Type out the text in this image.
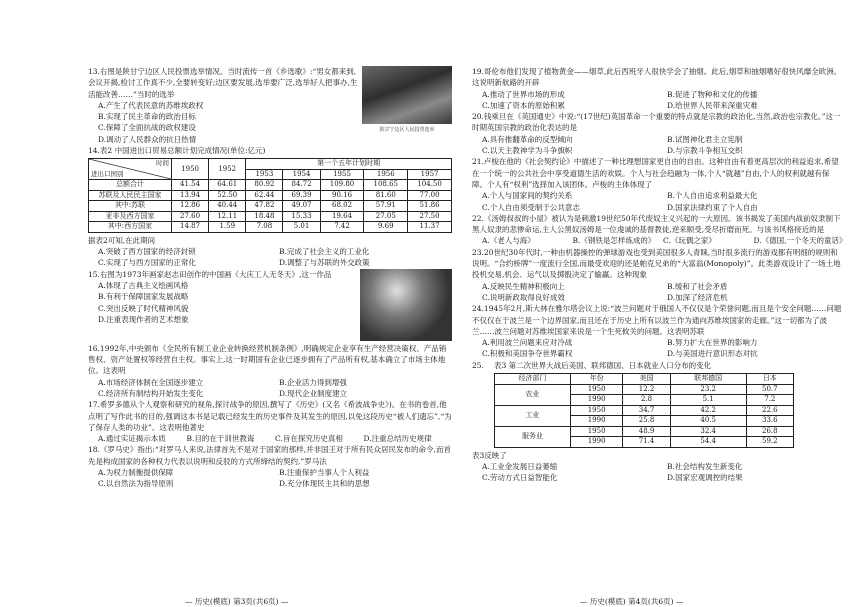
陕甘宁边区人民投票选举

13.右图是陕甘宁边区人民投票选举情况。当时流传一首《乡选歌》:“男女都来到,会议开揭,检讨工作真不少,全要转变好;边区要发展,选举要广泛,选举好人把事办,生活能改善……”当时的选举

A.产生了代表民意的苏维埃政权
B.实现了民主革命的政治目标
C.保障了全面抗战的政权建设
D.调动了人民群众的抗日热情

14.表2 中国进出口贸易总额计划完成情况(单位:亿元)

时间
进出口国别	1950	1952	第一个五年计划时期				
			1953	1954	1955	1956	1957
总额合计	41.54	64.61	80.92	84.72	109.80	108.65	104.50
苏联及人民民主国家	13.94	52.50	62.44	69.39	90.16	81.60	77.00
其中:苏联	12.86	40.44	47.82	49.07	68.02	57.91	51.86
亚非及西方国家	27.60	12.11	18.48	15.33	19.64	27.05	27.50
其中:西方国家	14.87	1.59	7.08	5.01	7.42	9.69	11.37

据表2可知,在此期间

A.突破了西方国家的经济封锁	B.完成了社会主义的工业化
C.实现了与西方国家的正常化	D.调整了与苏联的外交政策

15.右图为1973年画家赵志田创作的中国画《大庆工人无冬天》,这一作品

A.体现了古典主义绘画风格
B.有利于保障国家发展战略
C.突出反映了时代精神风貌
D.注重表现作者的艺术想象

16.1992年,中央颁布《全民所有制工业企业转换经营机制条例》,明确规定企业享有生产经营决策权、产品销售权、资产处置权等经营自主权。事实上,这一时期国有企业已逐步拥有了产品所有权,基本确立了市场主体地位。这表明

A.市场经济体制在全国逐步建立	B.企业活力得到增强
C.经济所有制结构开始发生变化	D.现代企业制度建立

17.希罗多德从个人观察和研究的视角,探讨战争的原因,撰写了《历史》(又名《希波战争史》)。在书的卷首,他点明了写作此书的目的,强调这本书是记载已经发生的历史事件及其发生的原因,以免这段历史“被人们遗忘”,“为了保存人类的功业”。这表明他著史

A.通过实证揭示本质	B.目的在于训世教诲	C.旨在探究历史真相	D.注重总结历史规律

18.《罗马史》指出:“对罗马人来说,法律首先不是对于国家的那样,并非国王对于所有民众居民发布的命令,而首先是构成国家的各种权力代表以说明和反驳的方式所缔结的契约,”罗马法

A.为权力制衡提供保障	B.注重保护当事人个人利益
C.以自然法为指导原则	D.充分体现民主共和的思想

19.哥伦布他们发现了植物黄金——烟草,此后西班牙人很快学会了抽烟。此后,烟草和抽烟嗜好很快风靡全欧洲。这说明新航路的开辟

A.推动了世界市场的形成	B.促进了物种和文化的传播
C.加速了资本的原始积累	D.给世界人民带来深重灾难

20.钱乘旦在《英国通史》中说:“(17世纪)英国革命一个重要的特点就是宗教的政治化,当然,政治也宗教化。”这一时期英国宗教的政治化表达的是

A.具有推翻革命的反型倾向	B.试图神化君主立宪制
C.以天主教神学为斗争旗帜	D.与宗教斗争相互交织

21.卢梭在他的《社会契约论》中描述了一种比理想国家更自由的自由。这种自由有着更高层次的利益追求,希望在一个统一的公共社会中享受道德生活的欢娱。个人与社会趋融为一体,个人“就越”自由,个人的权利就越有保障。个人有“权利”选择加入该团体。卢梭的主体体现了

A.个人与国家间的契约关系	B.个人自由追求利益最大化
C.个人自由须受制于公共意志	D.国家法律约束了个人自由

22.《汤姆叔叔的小屋》被认为是刺激19世纪50年代废奴主义兴起的一大原因。该书揭发了美国内战前奴隶制下黑人奴隶的悲惨命运,主人公黑奴汤姆是一位虔诚的基督教徒,逆来顺受,受尽折磨而死。与该书风格接近的是

A.《老人与海》	B.《钢铁是怎样炼成的》	C.《玩偶之家》	D.《德国,一个冬天的童话》

23.20世纪30年代时,一种由机器操控的弹球游戏也受到美国很多人青睐,当时很多流行的游戏都有明细的规则和说明。“合约桥牌”一度流行全国,而最受欢迎的还是帕克兄弟的“大富翁(Monopoly)”。此类游戏设计了一场土地投机交易,机会、运气以及掷骰决定了输赢。这种现象

A.反映民生精神积极向上	B.缓和了社会矛盾
C.说明新政取得良好成效	D.加深了经济危机

24.1945年2月,斯大林在雅尔塔会议上说:“波兰问题对于俄国人不仅仅是个荣誉问题,而且是个安全问题……问题不仅仅在于波兰是一个边界国家,而且还在于历史上所有以波兰作为通向苏维埃国家的走廊。”这一切都为了波兰……波兰问题对苏维埃国家来说是一个生死攸关的问题。这表明苏联

A.利用波兰问题来应对冷战	B.努力扩大在世界的影响力
C.积极和美国争夺世界霸权	D.与美国进行意识形态对抗
25.	表3 第二次世界大战后美国、联邦德国、日本就业人口分布的变化
经济部门	年份	美国	联邦德国	日本
农业	1950	12.2	23.2	50.7
	1990	2.8	5.1	7.2
工业	1950	34.7	42.2	22.6
	1990	25.8	40.5	33.6
服务业	1950	48.9	32.4	26.8
	1990	71.4	54.4	59.2

表3反映了

A.工业金发展日益萎缩	B.社会结构发生新变化
C.劳动方式日益智能化	D.国家宏观调控的结果
— 历史(模底) 第3页(共6页) —	— 历史(模底) 第4页(共6页) —
